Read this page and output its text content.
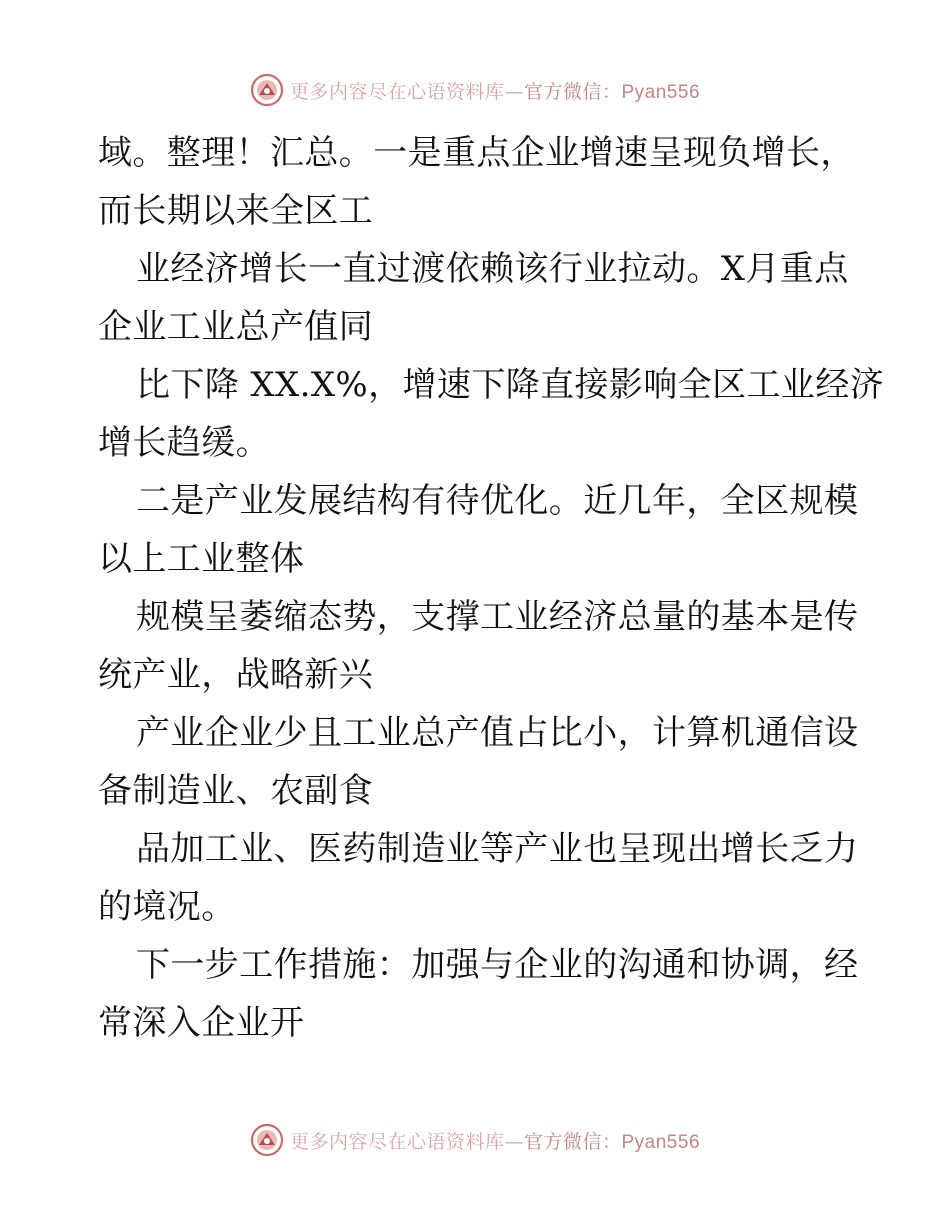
更多内容尽在心语资料库—官方微信：Pyan556
域。整理！汇总。一是重点企业增速呈现负增长，
而长期以来全区工
业经济增长一直过渡依赖该行业拉动。X月重点
企业工业总产值同
比下降 XX.X%，增速下降直接影响全区工业经济
增长趋缓。
二是产业发展结构有待优化。近几年，全区规模
以上工业整体
规模呈萎缩态势，支撑工业经济总量的基本是传
统产业，战略新兴
产业企业少且工业总产值占比小，计算机通信设
备制造业、农副食
品加工业、医药制造业等产业也呈现出增长乏力
的境况。
下一步工作措施：加强与企业的沟通和协调，经
常深入企业开
更多内容尽在心语资料库—官方微信：Pyan556
